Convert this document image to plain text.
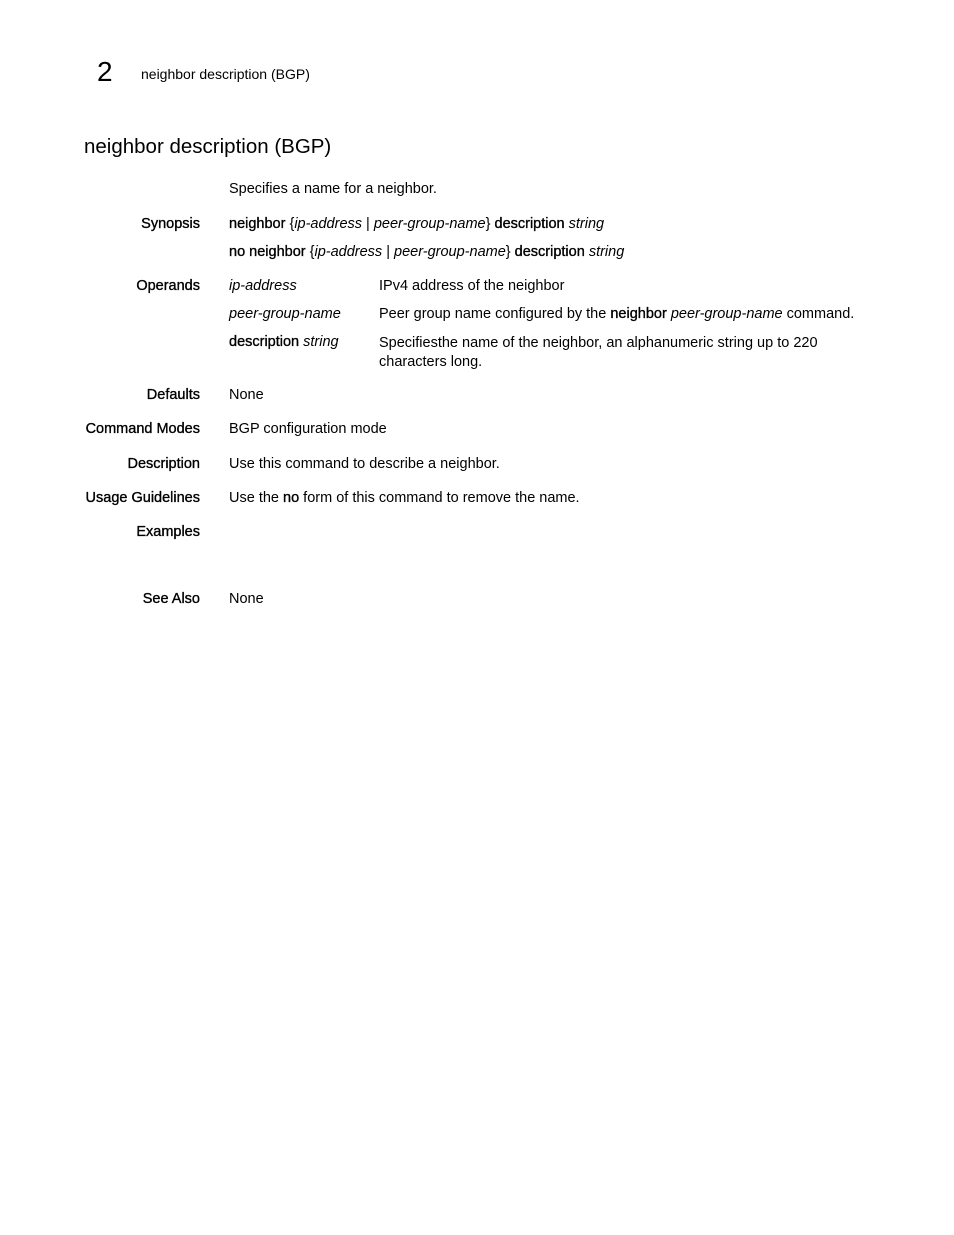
2 neighbor description (BGP)
neighbor description (BGP)
Specifies a name for a neighbor.
Synopsis neighbor {ip-address | peer-group-name} description string
no neighbor {ip-address | peer-group-name} description string
Operands ip-address	IPv4 address of the neighbor
peer-group-name	Peer group name configured by the neighbor peer-group-name command.
description string	Specifiesthe name of the neighbor, an alphanumeric string up to 220 characters long.
Defaults None
Command Modes BGP configuration mode
Description Use this command to describe a neighbor.
Usage Guidelines Use the no form of this command to remove the name.
Examples
See Also None
